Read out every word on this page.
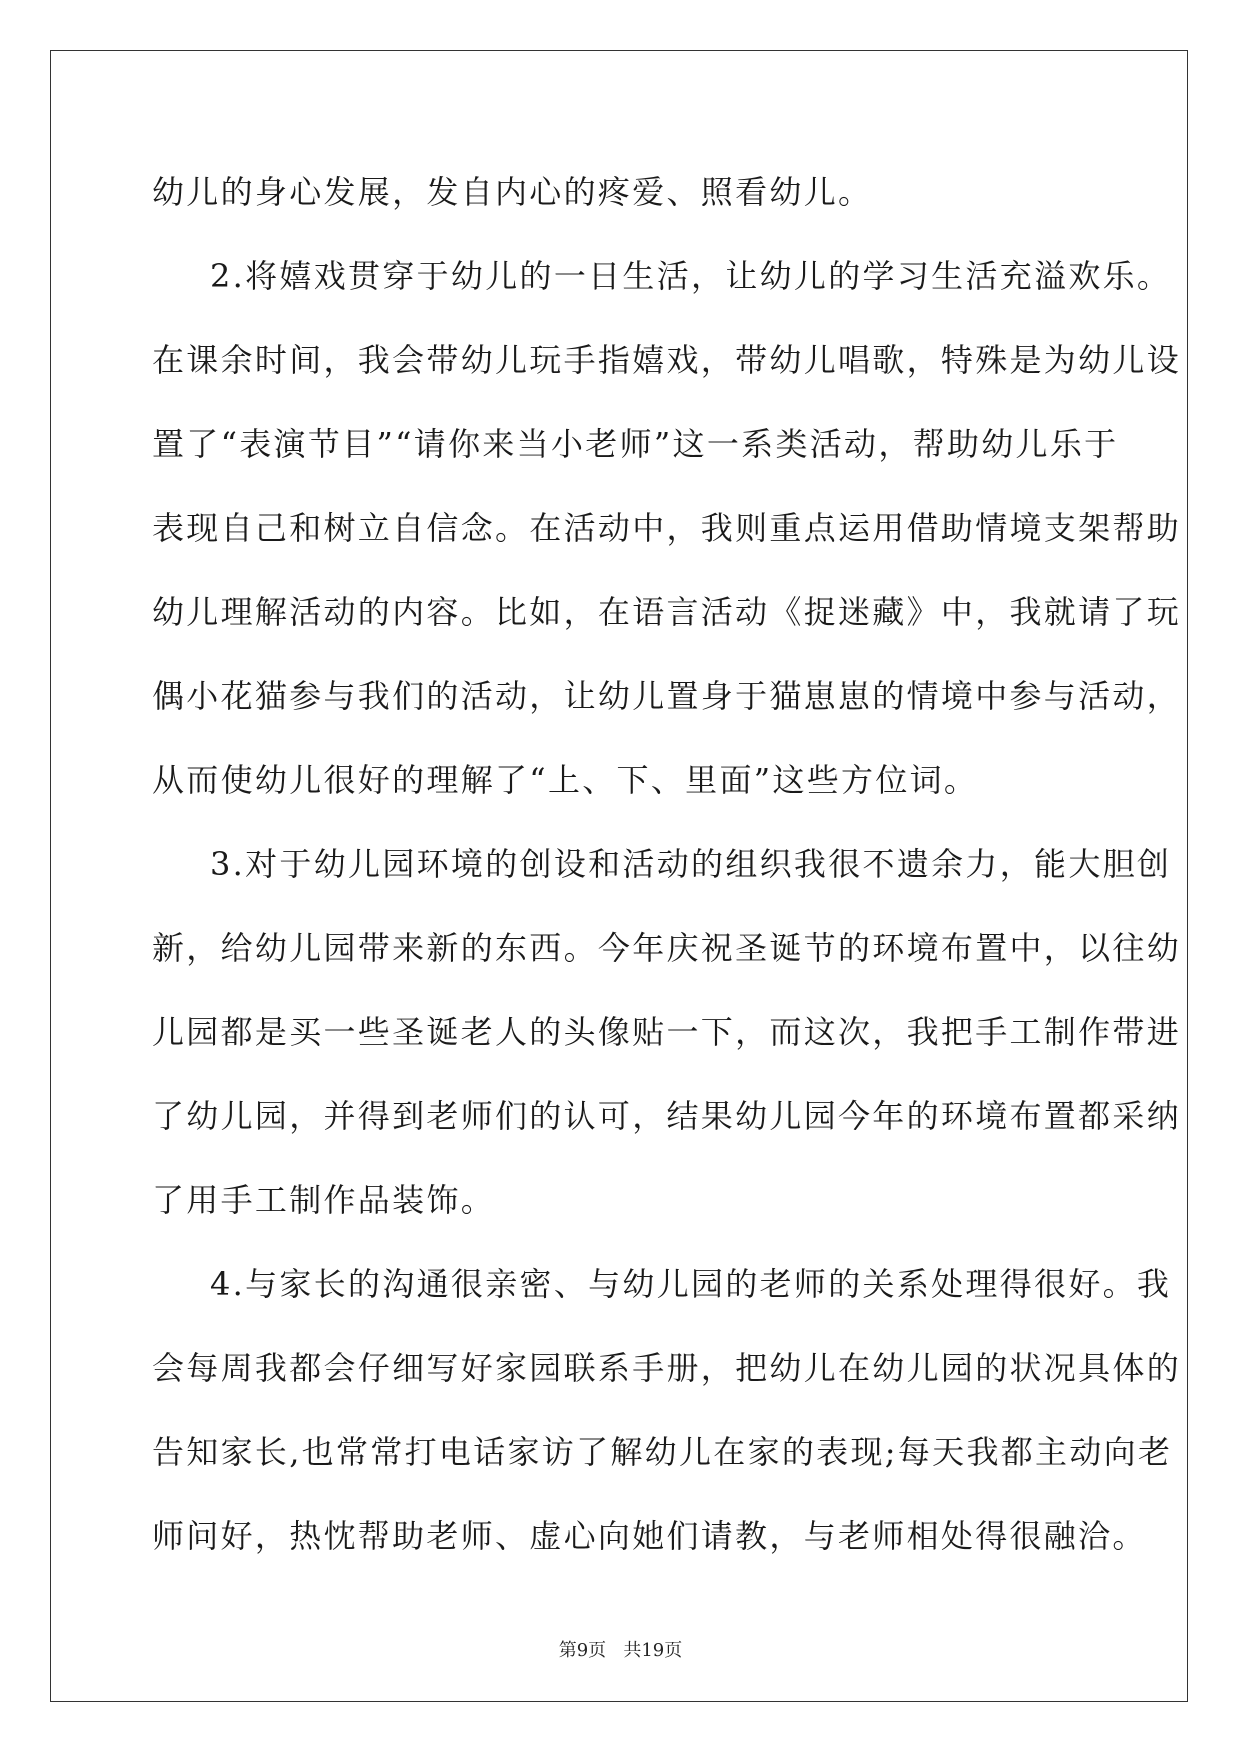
幼儿的身心发展，发自内心的疼爱、照看幼儿。
2.将嬉戏贯穿于幼儿的一日生活，让幼儿的学习生活充溢欢乐。
在课余时间，我会带幼儿玩手指嬉戏，带幼儿唱歌，特殊是为幼儿设
置了“表演节目”“请你来当小老师”这一系类活动，帮助幼儿乐于
表现自己和树立自信念。在活动中，我则重点运用借助情境支架帮助
幼儿理解活动的内容。比如，在语言活动《捉迷藏》中，我就请了玩
偶小花猫参与我们的活动，让幼儿置身于猫崽崽的情境中参与活动，
从而使幼儿很好的理解了“上、下、里面”这些方位词。
3.对于幼儿园环境的创设和活动的组织我很不遗余力，能大胆创
新，给幼儿园带来新的东西。今年庆祝圣诞节的环境布置中，以往幼
儿园都是买一些圣诞老人的头像贴一下，而这次，我把手工制作带进
了幼儿园，并得到老师们的认可，结果幼儿园今年的环境布置都采纳
了用手工制作品装饰。
4.与家长的沟通很亲密、与幼儿园的老师的关系处理得很好。我
会每周我都会仔细写好家园联系手册，把幼儿在幼儿园的状况具体的
告知家长,也常常打电话家访了解幼儿在家的表现;每天我都主动向老
师问好，热忱帮助老师、虚心向她们请教，与老师相处得很融洽。
第9页   共19页
